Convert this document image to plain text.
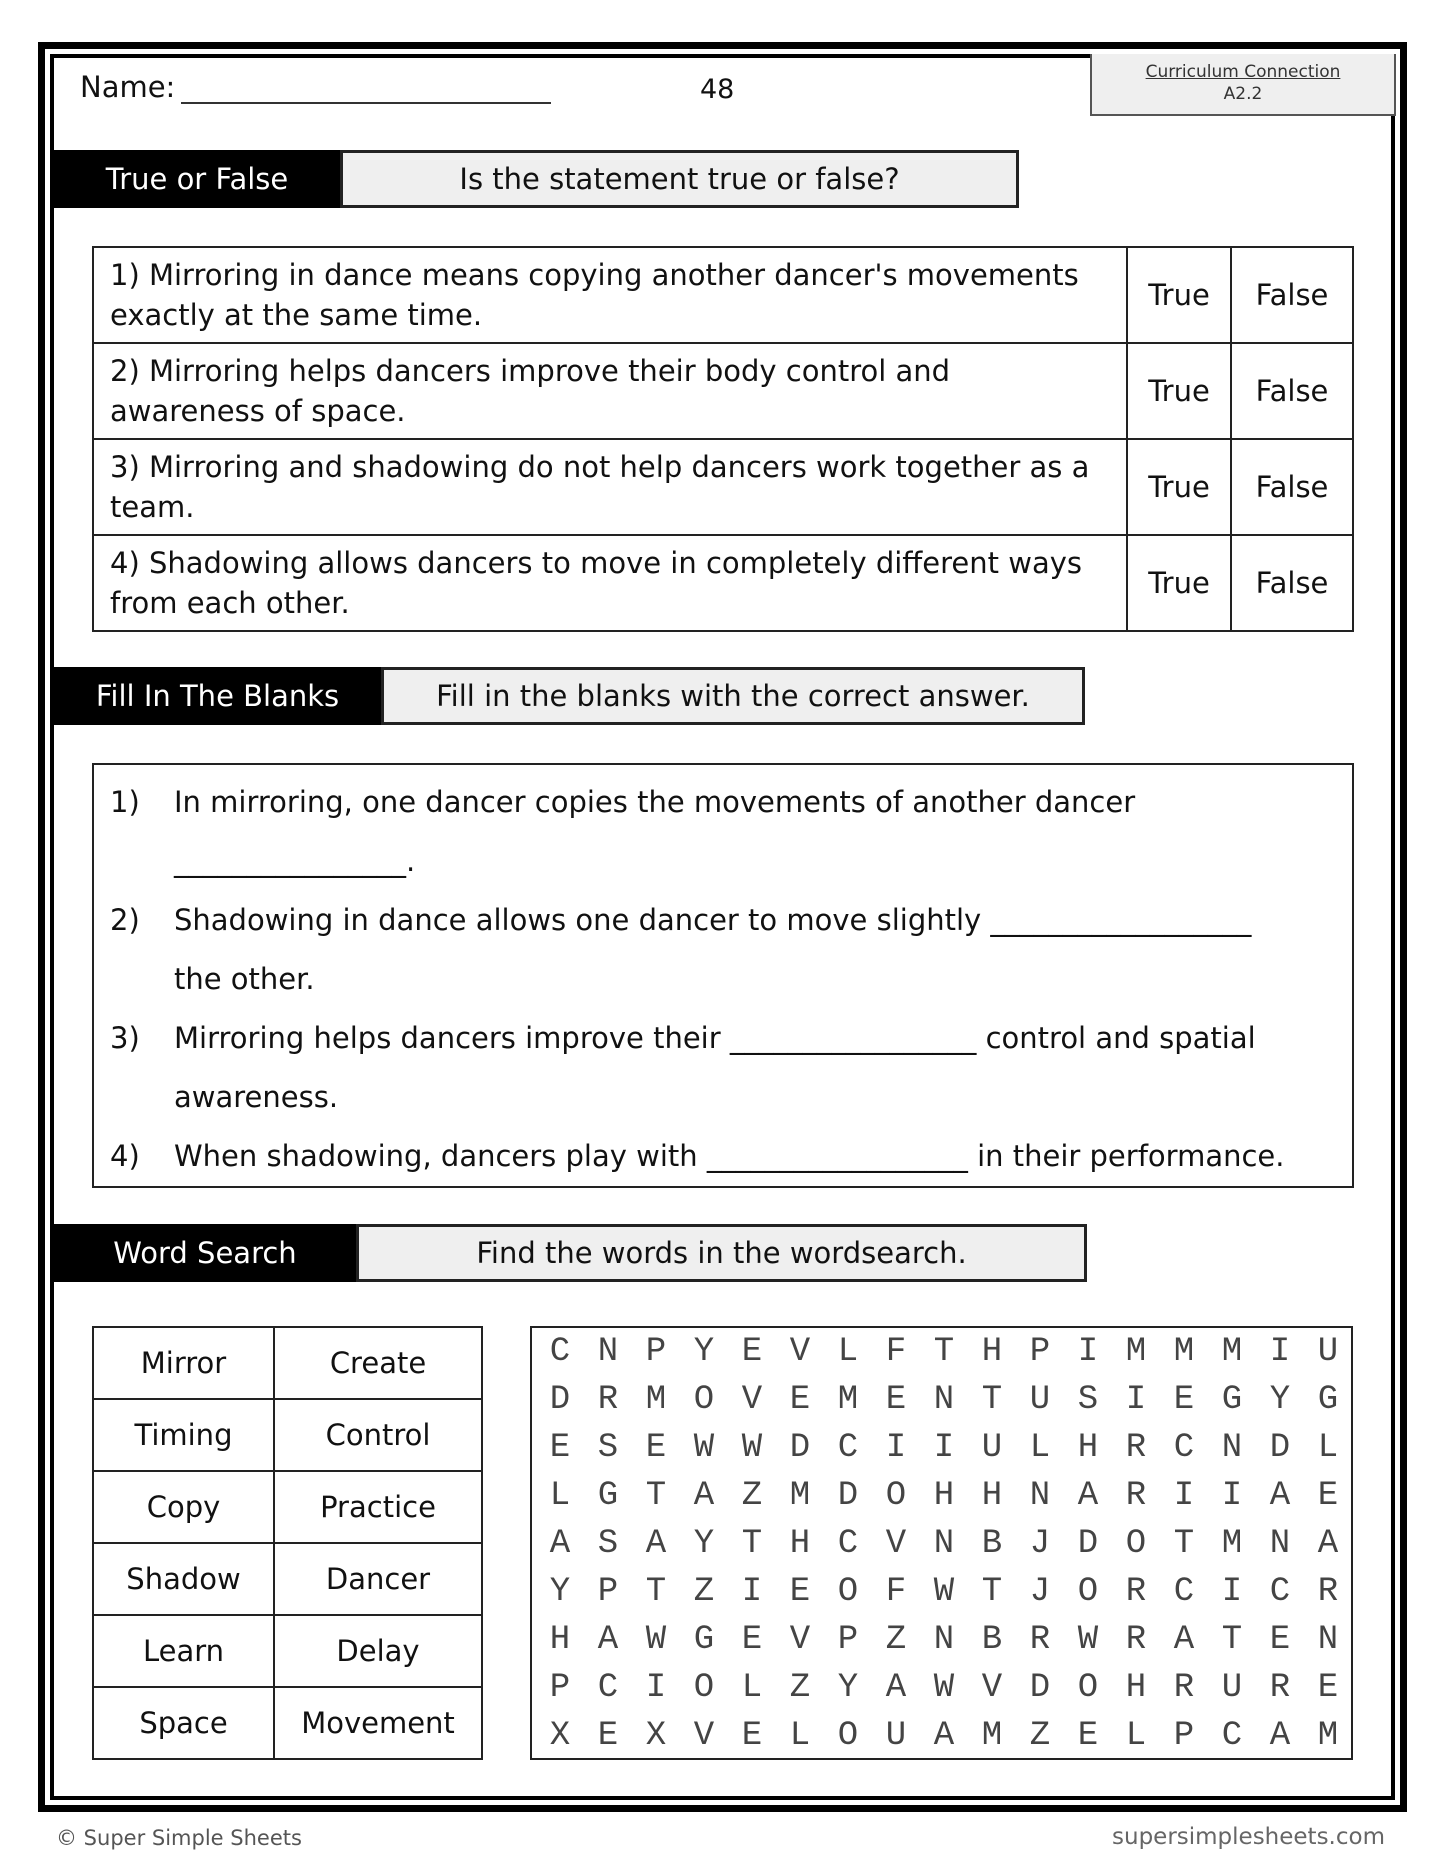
Name:	48
Curriculum Connection
A2.2
True or False	Is the statement true or false?
1) Mirroring in dance means copying another dancer's movements exactly at the same time.	True	False
2) Mirroring helps dancers improve their body control and awareness of space.	True	False
3) Mirroring and shadowing do not help dancers work together as a team.	True	False
4) Shadowing allows dancers to move in completely different ways from each other.	True	False
Fill In The Blanks	Fill in the blanks with the correct answer.
1)	In mirroring, one dancer copies the movements of another dancer
________________.
2)	Shadowing in dance allows one dancer to move slightly __________________
the other.
3)	Mirroring helps dancers improve their _________________ control and spatial
awareness.
4)	When shadowing, dancers play with __________________ in their performance.
Word Search	Find the words in the wordsearch.
Mirror	Create
Timing	Control
Copy	Practice
Shadow	Dancer
Learn	Delay
Space	Movement
C N P Y E V L F T H P I M M M I U
D R M O V E M E N T U S I E G Y G
E S E W W D C I I U L H R C N D L
L G T A Z M D O H H N A R I I A E
A S A Y T H C V N B J D O T M N A
Y P T Z I E O F W T J O R C I C R
H A W G E V P Z N B R W R A T E N
P C I O L Z Y A W V D O H R U R E
X E X V E L O U A M Z E L P C A M
© Super Simple Sheets	supersimplesheets.com
